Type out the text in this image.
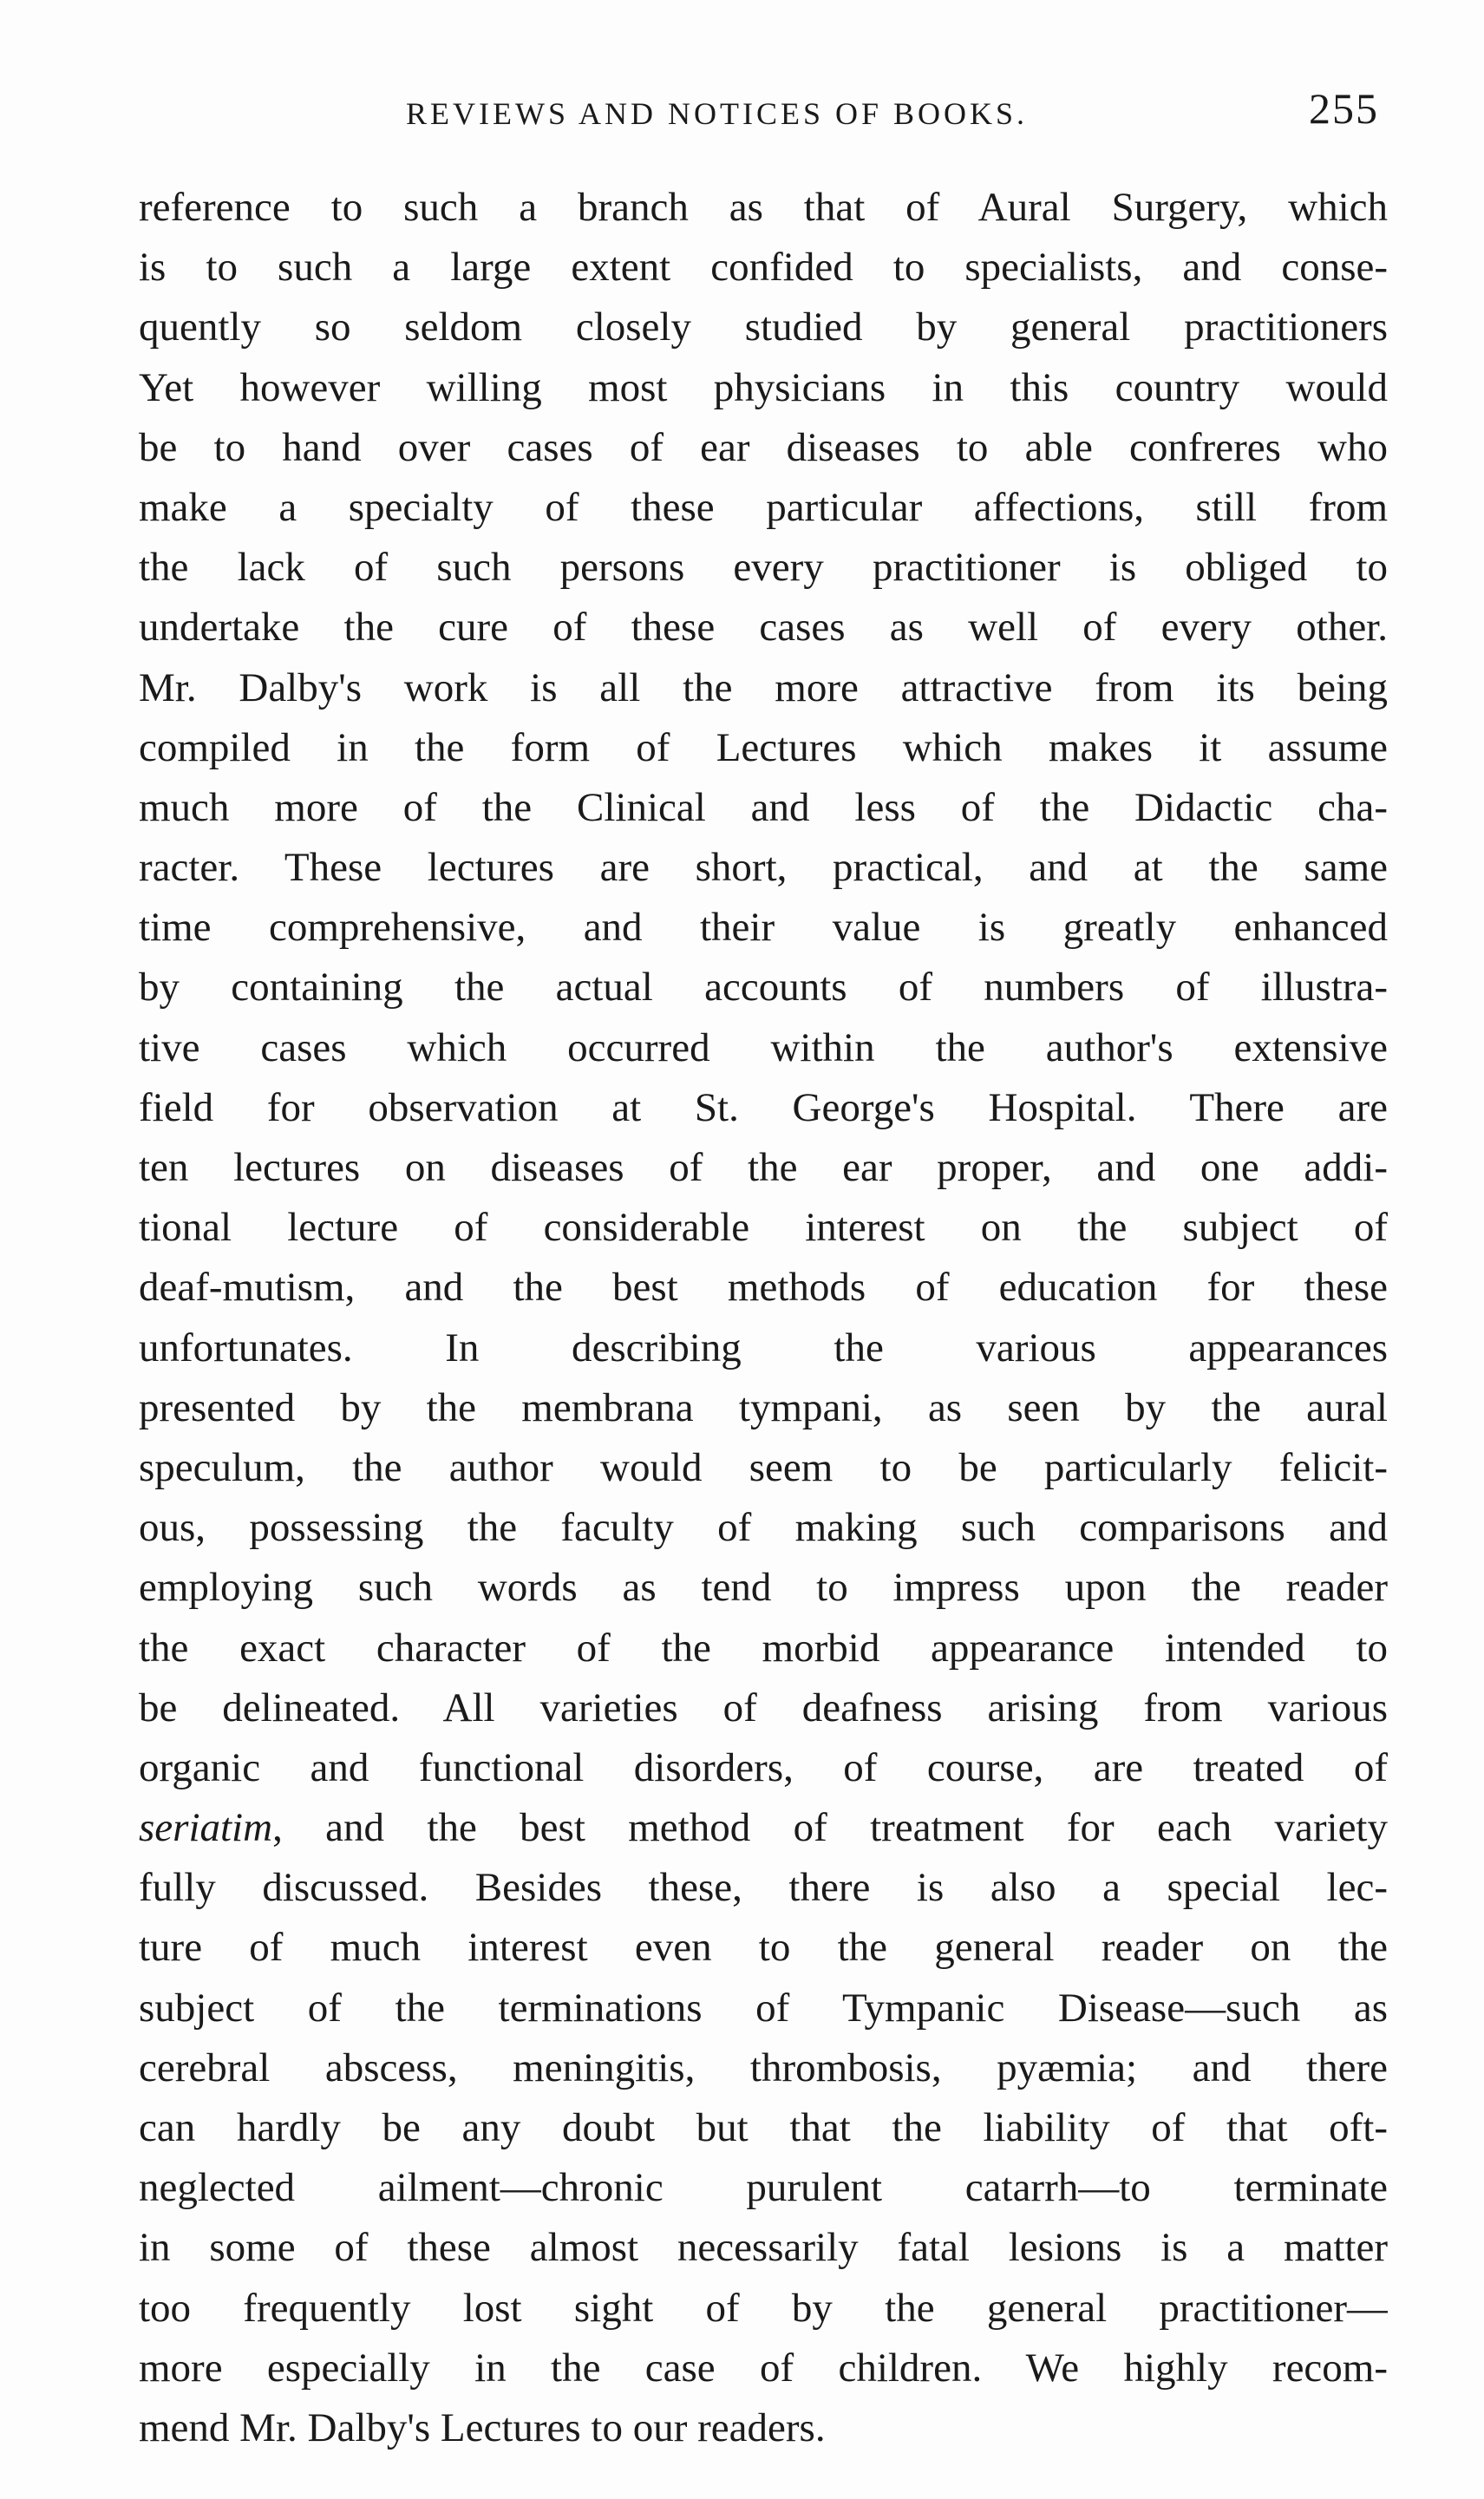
REVIEWS AND NOTICES OF BOOKS.	255
reference to such a branch as that of Aural Surgery, which
is to such a large extent confided to specialists, and conse-
quently so seldom closely studied by general practitioners
Yet however willing most physicians in this country would
be to hand over cases of ear diseases to able confreres who
make a specialty of these particular affections, still from
the lack of such persons every practitioner is obliged to
undertake the cure of these cases as well of every other.
Mr. Dalby's work is all the more attractive from its being
compiled in the form of Lectures which makes it assume
much more of the Clinical and less of the Didactic cha-
racter. These lectures are short, practical, and at the same
time comprehensive, and their value is greatly enhanced
by containing the actual accounts of numbers of illustra-
tive cases which occurred within the author's extensive
field for observation at St. George's Hospital. There are
ten lectures on diseases of the ear proper, and one addi-
tional lecture of considerable interest on the subject of
deaf-mutism, and the best methods of education for these
unfortunates. In describing the various appearances
presented by the membrana tympani, as seen by the aural
speculum, the author would seem to be particularly felicit-
ous, possessing the faculty of making such comparisons and
employing such words as tend to impress upon the reader
the exact character of the morbid appearance intended to
be delineated. All varieties of deafness arising from various
organic and functional disorders, of course, are treated of
seriatim, and the best method of treatment for each variety
fully discussed. Besides these, there is also a special lec-
ture of much interest even to the general reader on the
subject of the terminations of Tympanic Disease—such as
cerebral abscess, meningitis, thrombosis, pyæmia; and there
can hardly be any doubt but that the liability of that oft-
neglected ailment—chronic purulent catarrh—to terminate
in some of these almost necessarily fatal lesions is a matter
too frequently lost sight of by the general practitioner—
more especially in the case of children. We highly recom-
mend Mr. Dalby's Lectures to our readers.
